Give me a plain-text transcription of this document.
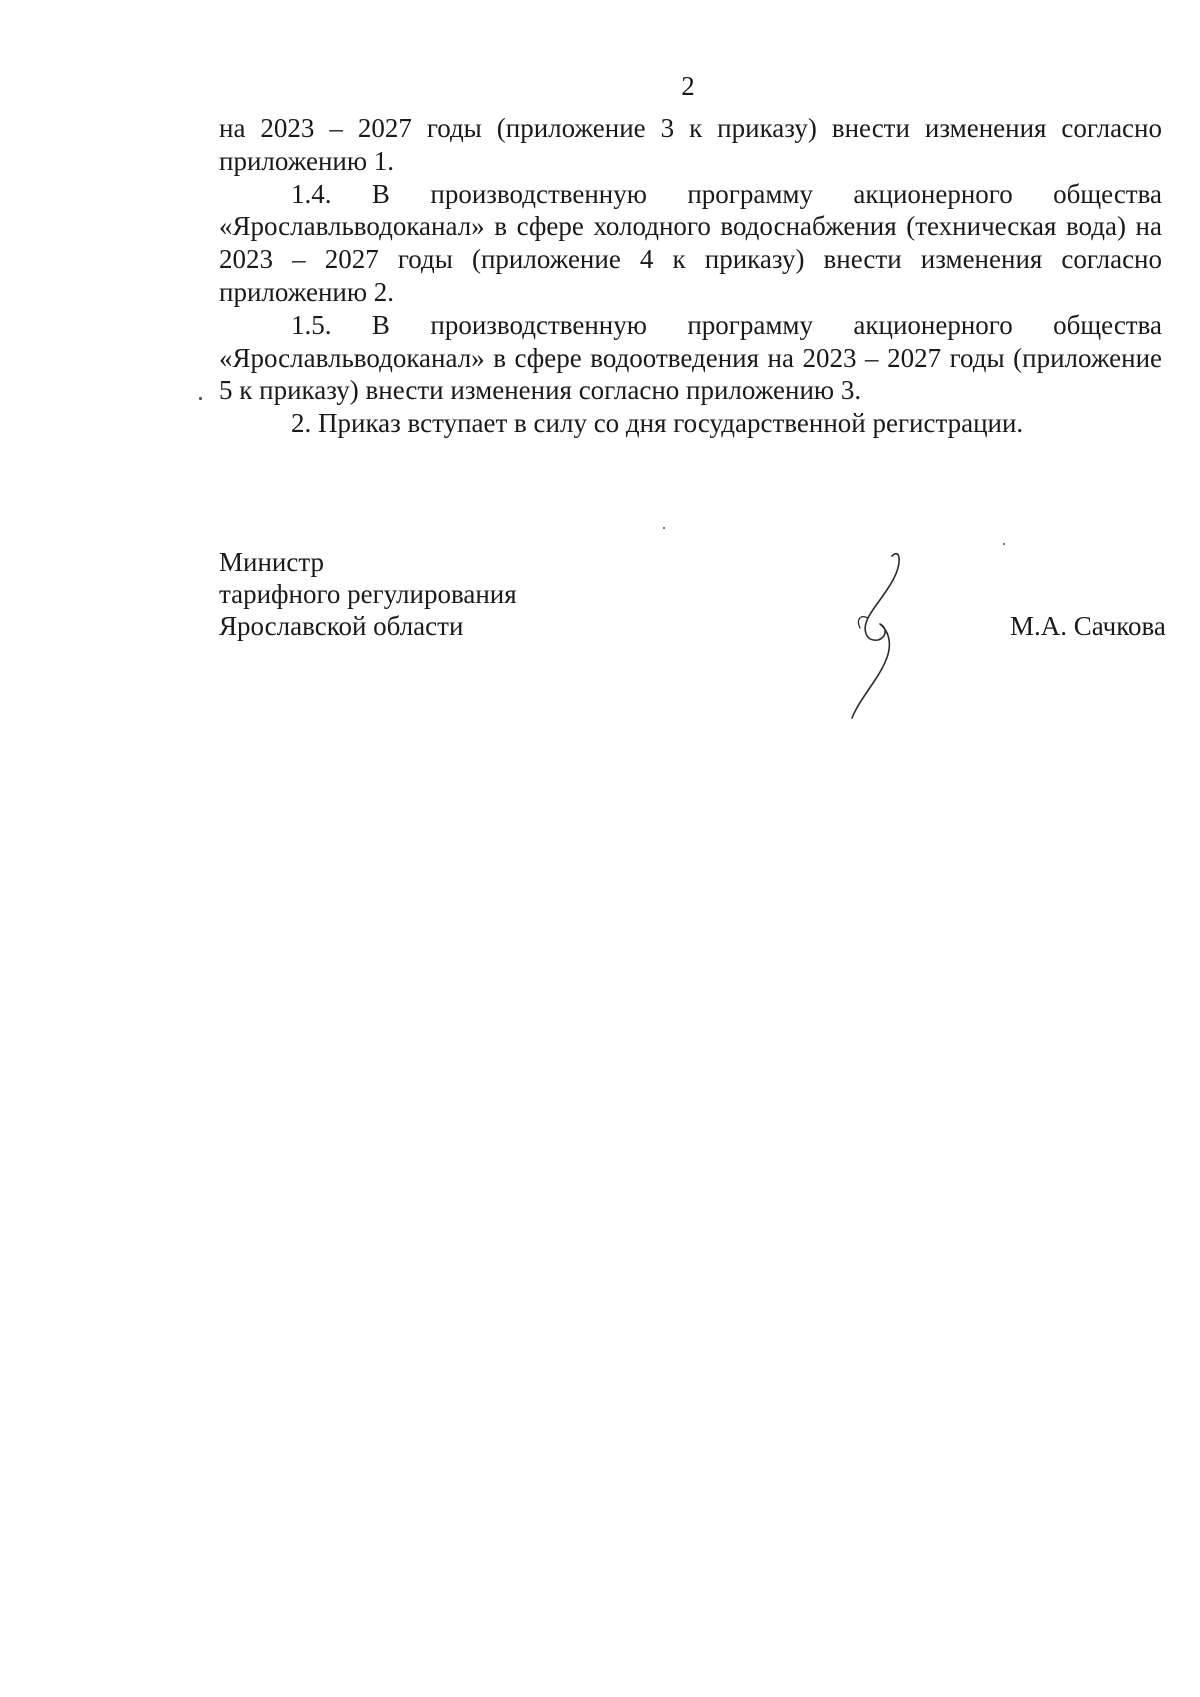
2

на 2023 – 2027 годы (приложение 3 к приказу) внести изменения согласно приложению 1.

1.4. В производственную программу акционерного общества «Ярославльводоканал» в сфере холодного водоснабжения (техническая вода) на 2023 – 2027 годы (приложение 4 к приказу) внести изменения согласно приложению 2.

1.5. В производственную программу акционерного общества «Ярославльводоканал» в сфере водоотведения на 2023 – 2027 годы (приложение 5 к приказу) внести изменения согласно приложению 3.

2. Приказ вступает в силу со дня государственной регистрации.

Министр
тарифного регулирования
Ярославской области	М.А. Сачкова
